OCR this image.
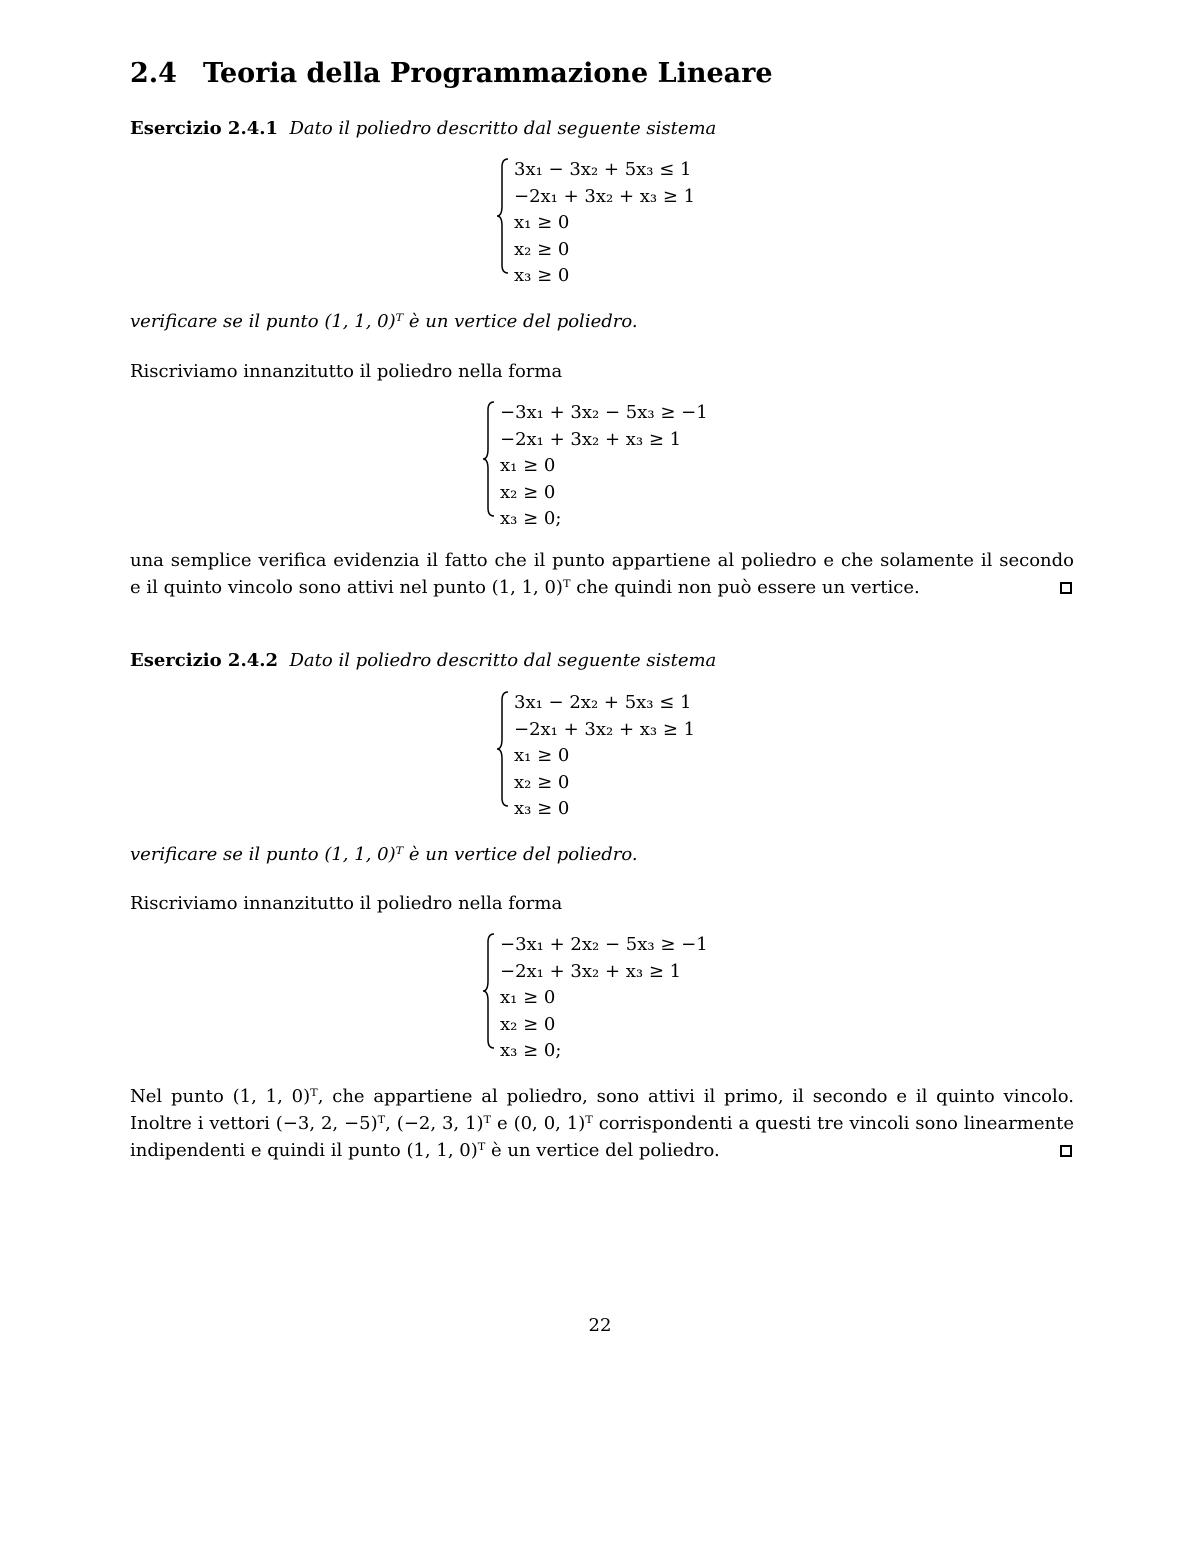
2.4 Teoria della Programmazione Lineare
Esercizio 2.4.1 Dato il poliedro descritto dal seguente sistema
3x₁ − 3x₂ + 5x₃ ≤ 1
−2x₁ + 3x₂ + x₃ ≥ 1
x₁ ≥ 0
x₂ ≥ 0
x₃ ≥ 0
verificare se il punto (1, 1, 0)ᵀ è un vertice del poliedro.
Riscriviamo innanzitutto il poliedro nella forma
−3x₁ + 3x₂ − 5x₃ ≥ −1
−2x₁ + 3x₂ + x₃ ≥ 1
x₁ ≥ 0
x₂ ≥ 0
x₃ ≥ 0;
una semplice verifica evidenzia il fatto che il punto appartiene al poliedro e che solamente il secondo
e il quinto vincolo sono attivi nel punto (1, 1, 0)ᵀ che quindi non può essere un vertice.
Esercizio 2.4.2 Dato il poliedro descritto dal seguente sistema
3x₁ − 2x₂ + 5x₃ ≤ 1
−2x₁ + 3x₂ + x₃ ≥ 1
x₁ ≥ 0
x₂ ≥ 0
x₃ ≥ 0
verificare se il punto (1, 1, 0)ᵀ è un vertice del poliedro.
Riscriviamo innanzitutto il poliedro nella forma
−3x₁ + 2x₂ − 5x₃ ≥ −1
−2x₁ + 3x₂ + x₃ ≥ 1
x₁ ≥ 0
x₂ ≥ 0
x₃ ≥ 0;
Nel punto (1, 1, 0)ᵀ, che appartiene al poliedro, sono attivi il primo, il secondo e il quinto vincolo.
Inoltre i vettori (−3, 2, −5)ᵀ, (−2, 3, 1)ᵀ e (0, 0, 1)ᵀ corrispondenti a questi tre vincoli sono linearmente
indipendenti e quindi il punto (1, 1, 0)ᵀ è un vertice del poliedro.
22
